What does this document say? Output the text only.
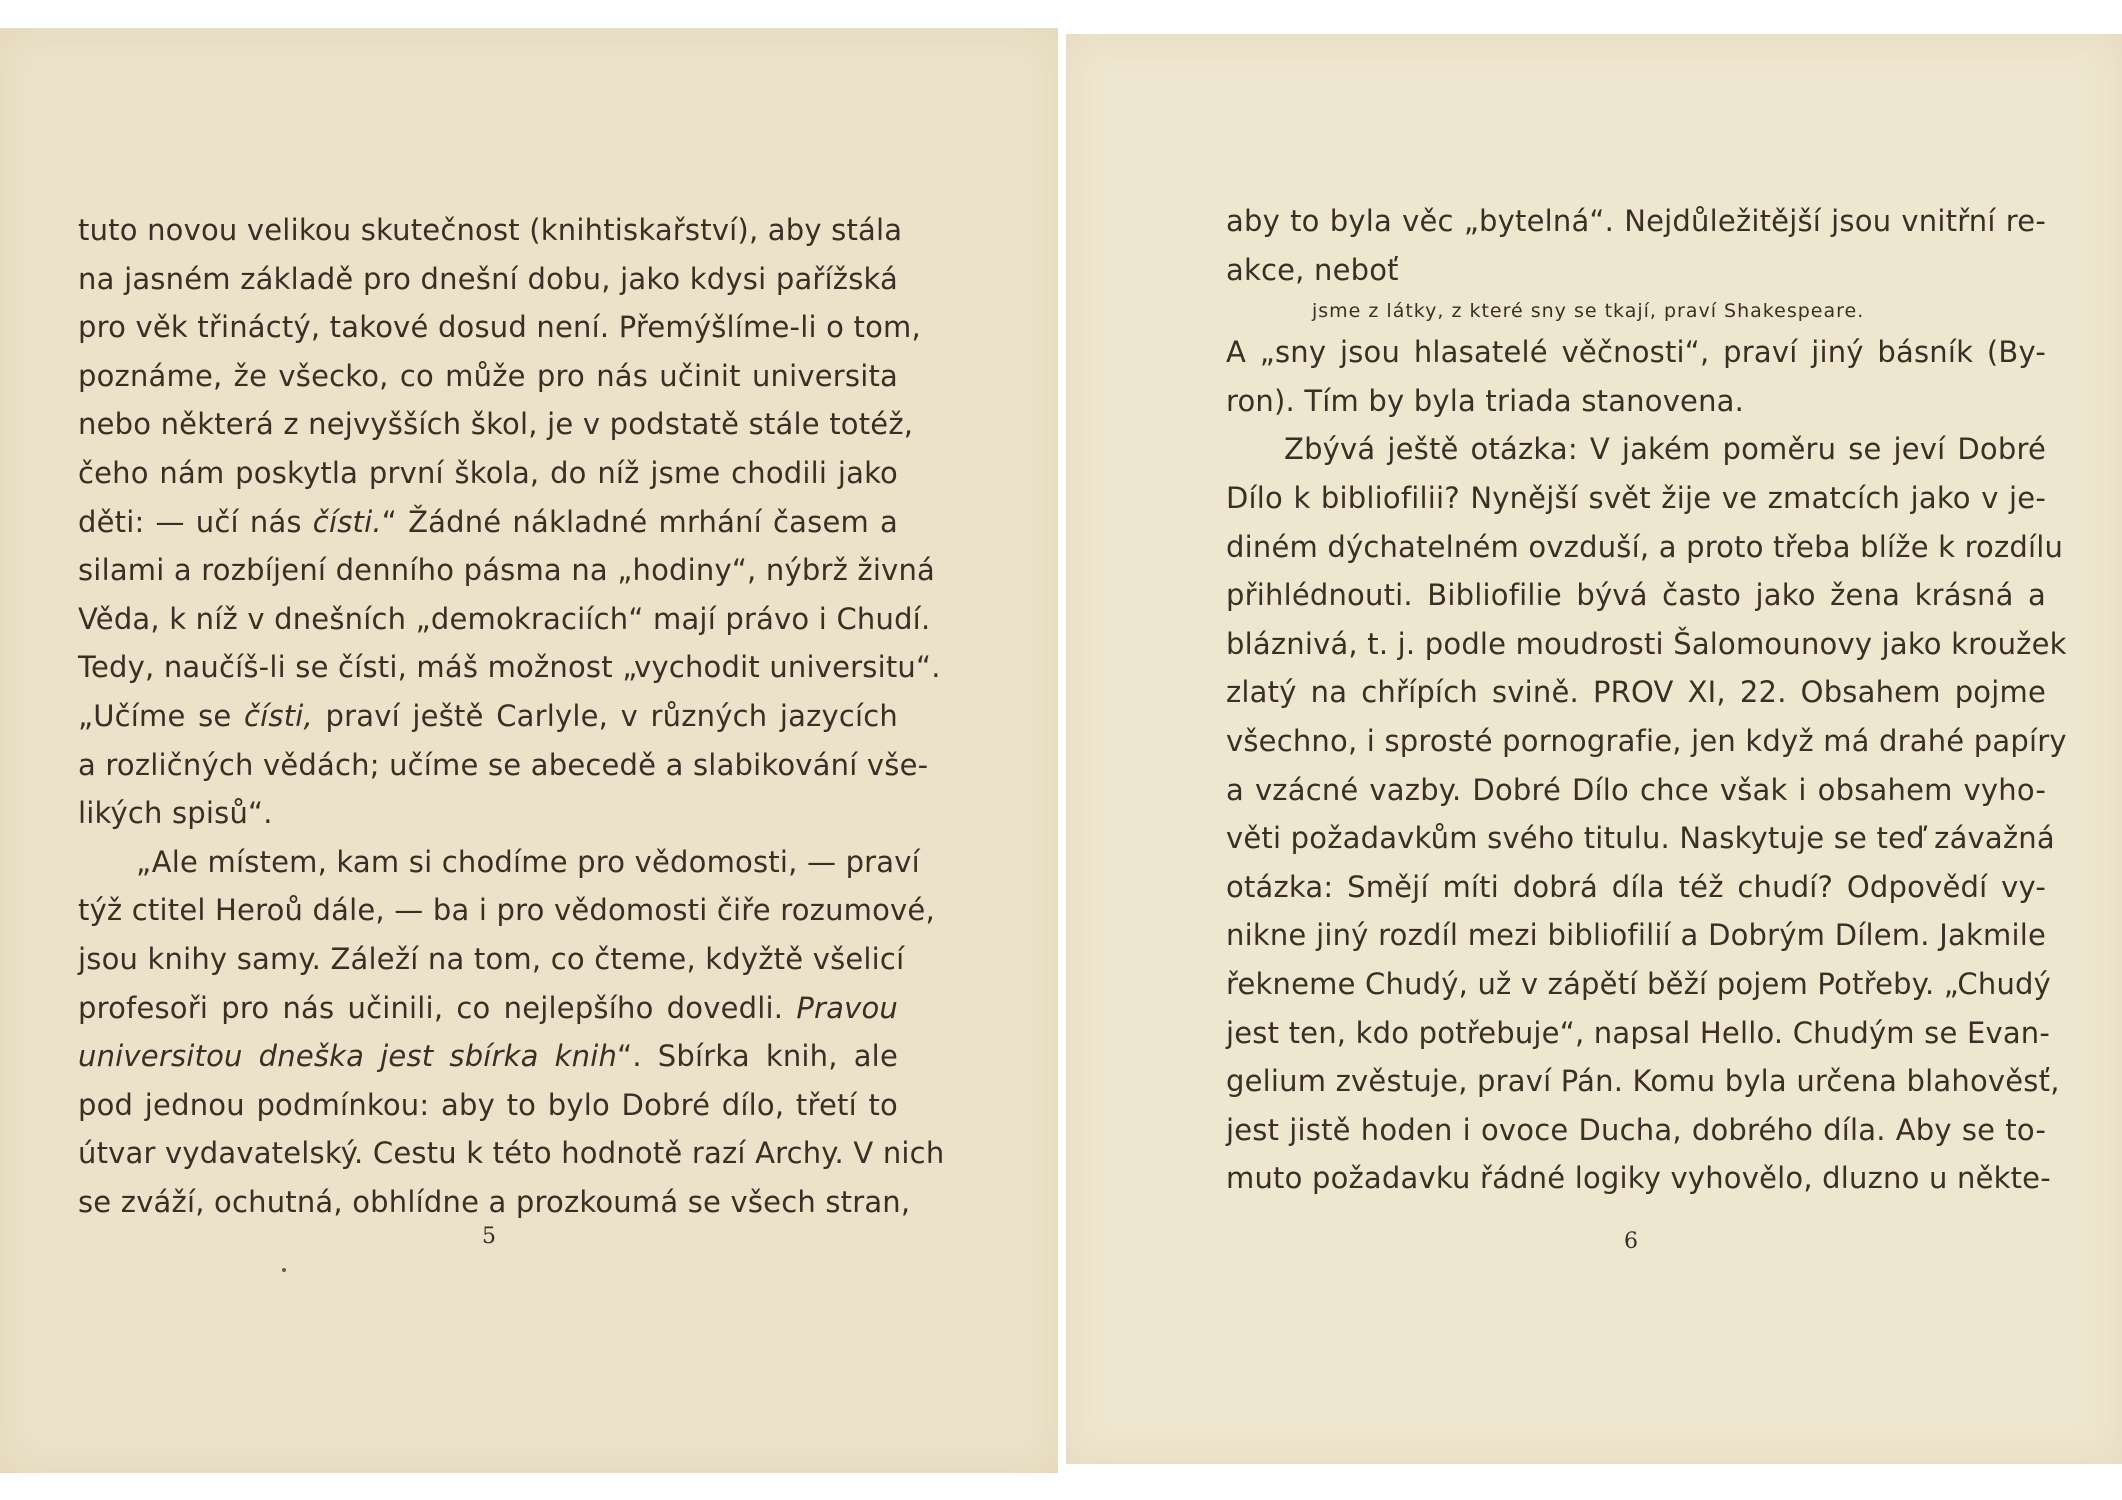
tuto novou velikou skutečnost (knihtiskařství), aby stála
na jasném základě pro dnešní dobu, jako kdysi pařížská
pro věk třináctý, takové dosud není. Přemýšlíme-li o tom,
poznáme, že všecko, co může pro nás učinit universita
nebo některá z nejvyšších škol, je v podstatě stále totéž,
čeho nám poskytla první škola, do níž jsme chodili jako
děti: — učí nás čísti.“ Žádné nákladné mrhání časem a
silami a rozbíjení denního pásma na „hodiny“, nýbrž živná
Věda, k níž v dnešních „demokraciích“ mají právo i Chudí.
Tedy, naučíš-li se čísti, máš možnost „vychodit universitu“.
„Učíme se čísti, praví ještě Carlyle, v různých jazycích
a rozličných vědách; učíme se abecedě a slabikování vše-
likých spisů“.
„Ale místem, kam si chodíme pro vědomosti, — praví
týž ctitel Heroů dále, — ba i pro vědomosti čiře rozumové,
jsou knihy samy. Záleží na tom, co čteme, kdyžtě všelicí
profesoři pro nás učinili, co nejlepšího dovedli. Pravou
universitou dneška jest sbírka knih“. Sbírka knih, ale
pod jednou podmínkou: aby to bylo Dobré dílo, třetí to
útvar vydavatelský. Cestu k této hodnotě razí Archy. V nich
se zváží, ochutná, obhlídne a prozkoumá se všech stran,
5
aby to byla věc „bytelná“. Nejdůležitější jsou vnitřní re-
akce, neboť
jsme z látky, z které sny se tkají, praví Shakespeare.
A „sny jsou hlasatelé věčnosti“, praví jiný básník (By-
ron). Tím by byla triada stanovena.
Zbývá ještě otázka: V jakém poměru se jeví Dobré
Dílo k bibliofilii? Nynější svět žije ve zmatcích jako v je-
diném dýchatelném ovzduší, a proto třeba blíže k rozdílu
přihlédnouti. Bibliofilie bývá často jako žena krásná a
bláznivá, t. j. podle moudrosti Šalomounovy jako kroužek
zlatý na chřípích svině. PROV XI, 22. Obsahem pojme
všechno, i sprosté pornografie, jen když má drahé papíry
a vzácné vazby. Dobré Dílo chce však i obsahem vyho-
věti požadavkům svého titulu. Naskytuje se teď závažná
otázka: Smějí míti dobrá díla též chudí? Odpovědí vy-
nikne jiný rozdíl mezi bibliofilií a Dobrým Dílem. Jakmile
řekneme Chudý, už v zápětí běží pojem Potřeby. „Chudý
jest ten, kdo potřebuje“, napsal Hello. Chudým se Evan-
gelium zvěstuje, praví Pán. Komu byla určena blahověsť,
jest jistě hoden i ovoce Ducha, dobrého díla. Aby se to-
muto požadavku řádné logiky vyhovělo, dluzno u někte-
6
